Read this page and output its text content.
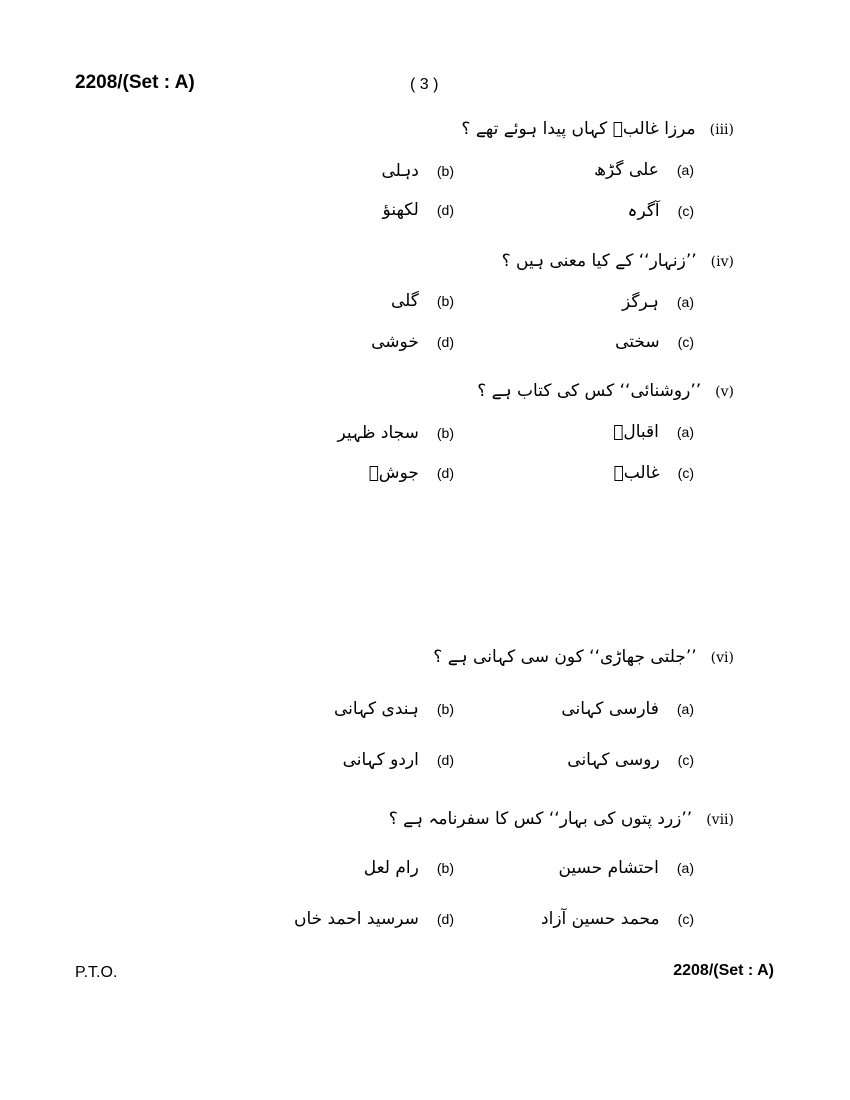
2208/(Set : A)	( 3 )
(iii)
مرزا غالبؔ کہاں پیدا ہوئے تھے ؟
(a)
علی گڑھ
(b)
دہلی
(c)
آگرہ
(d)
لکھنؤ
(iv)
’’زنہار‘‘ کے کیا معنی ہیں ؟
(a)
ہرگز
(b)
گلی
(c)
سختی
(d)
خوشی
(v)
’’روشنائی‘‘ کس کی کتاب ہے ؟
(a)
اقبالؔ
(b)
سجاد ظہیر
(c)
غالبؔ
(d)
جوشؔ
(vi)
’’جلتی جھاڑی‘‘ کون سی کہانی ہے ؟
(a)
فارسی کہانی
(b)
ہندی کہانی
(c)
روسی کہانی
(d)
اردو کہانی
(vii)
’’زرد پتوں کی بہار‘‘ کس کا سفرنامہ ہے ؟
(a)
احتشام حسین
(b)
رام لعل
(c)
محمد حسین آزاد
(d)
سرسید احمد خاں
P.T.O.	2208/(Set : A)
